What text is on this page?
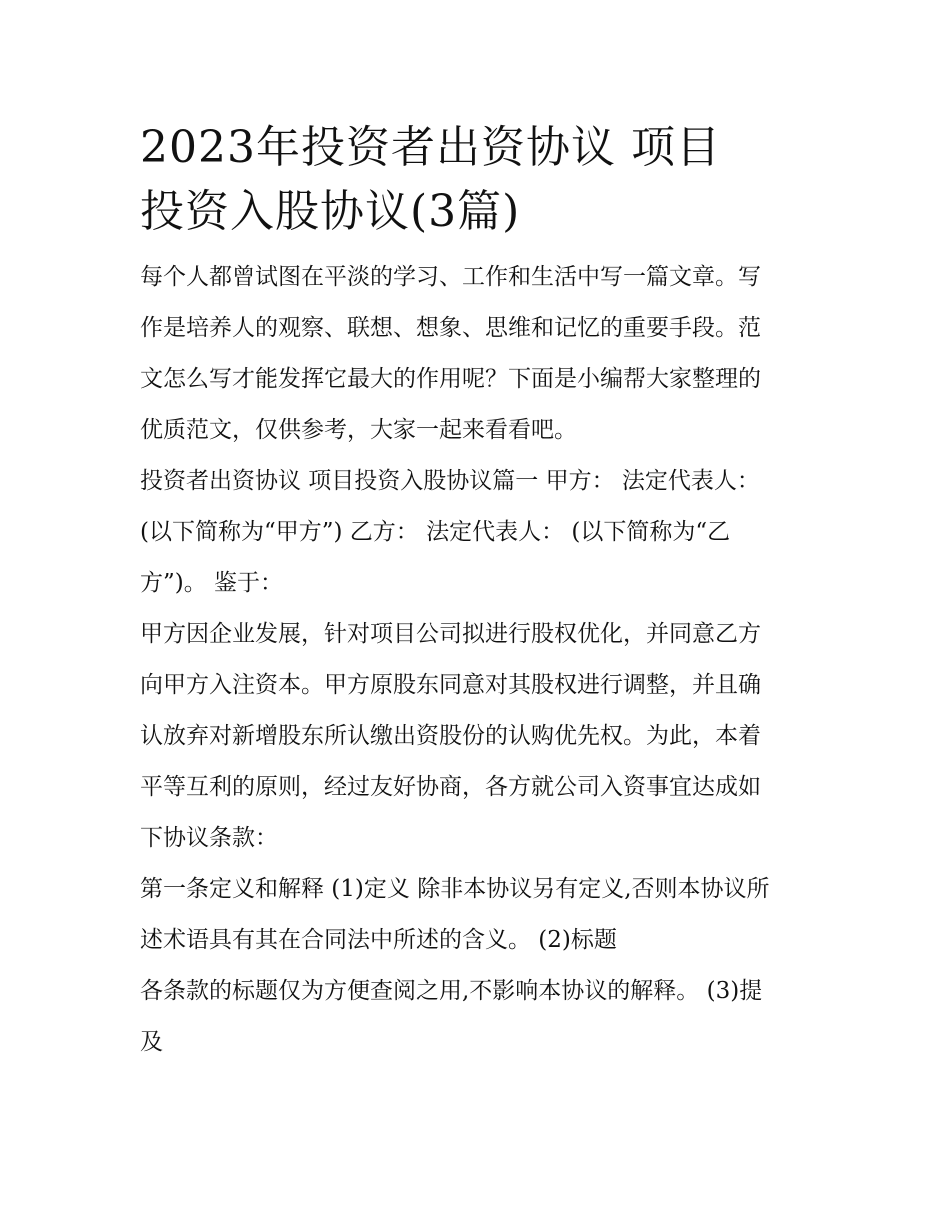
2023年投资者出资协议 项目
投资入股协议(3篇)

每个人都曾试图在平淡的学习、工作和生活中写一篇文章。写
作是培养人的观察、联想、想象、思维和记忆的重要手段。范
文怎么写才能发挥它最大的作用呢？下面是小编帮大家整理的
优质范文，仅供参考，大家一起来看看吧。

投资者出资协议 项目投资入股协议篇一 甲方： 法定代表人：
(以下简称为“甲方”) 乙方： 法定代表人： (以下简称为“乙
方”)。 鉴于：

甲方因企业发展，针对项目公司拟进行股权优化，并同意乙方
向甲方入注资本。甲方原股东同意对其股权进行调整，并且确
认放弃对新增股东所认缴出资股份的认购优先权。为此，本着
平等互利的原则，经过友好协商，各方就公司入资事宜达成如
下协议条款：

第一条定义和解释 (1)定义 除非本协议另有定义,否则本协议所
述术语具有其在合同法中所述的含义。 (2)标题

各条款的标题仅为方便查阅之用,不影响本协议的解释。 (3)提
及
